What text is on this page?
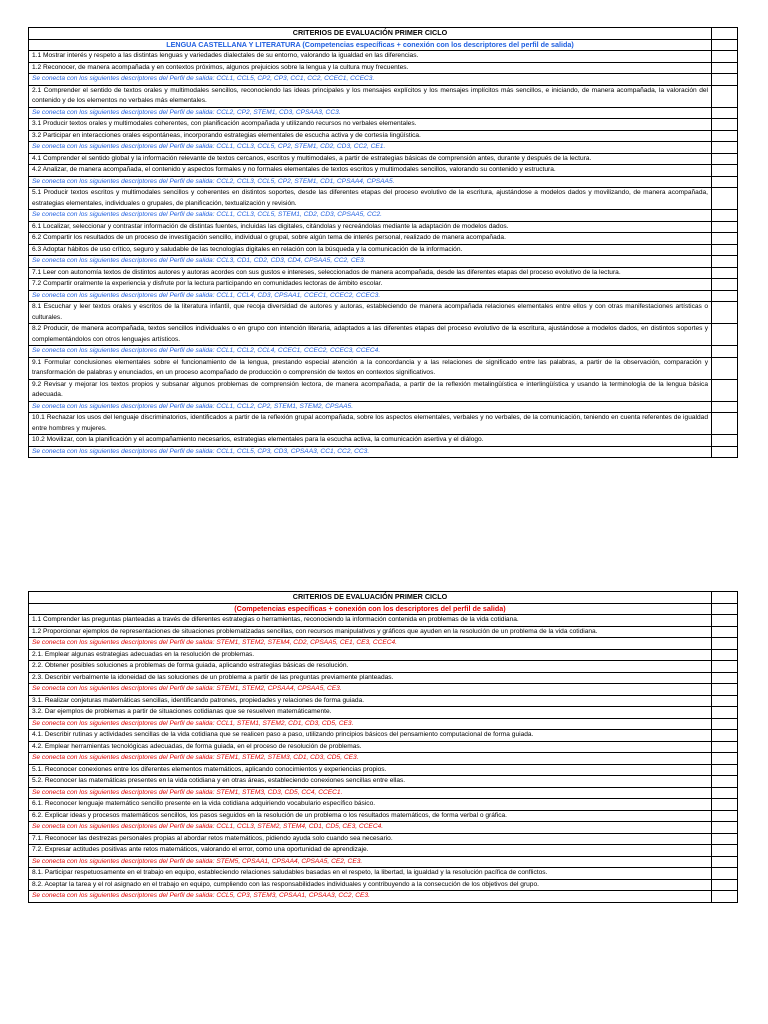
CRITERIOS DE EVALUACIÓN PRIMER CICLO	
LENGUA CASTELLANA Y LITERATURA (Competencias específicas + conexión con los descriptores del perfil de salida)	
1.1 Mostrar interés y respeto a las distintas lenguas y variedades dialectales de su entorno, valorando la igualdad en las diferencias.	
1.2 Reconocer, de manera acompañada y en contextos próximos, algunos prejuicios sobre la lengua y la cultura muy frecuentes.	
Se conecta con los siguientes descriptores del Perfil de salida: CCL1, CCL5, CP2, CP3, CC1, CC2, CCEC1, CCEC3.	
2.1 Comprender el sentido de textos orales y multimodales sencillos, reconociendo las ideas principales y los mensajes explícitos y los mensajes implícitos más sencillos, e iniciando, de manera acompañada, la valoración del contenido y de los elementos no verbales más elementales.	
Se conecta con los siguientes descriptores del Perfil de salida: CCL2, CP2, STEM1, CD3, CPSAA3, CC3.	
3.1 Producir textos orales y multimodales coherentes, con planificación acompañada y utilizando recursos no verbales elementales.	
3.2 Participar en interacciones orales espontáneas, incorporando estrategias elementales de escucha activa y de cortesía lingüística.	
Se conecta con los siguientes descriptores del Perfil de salida: CCL1, CCL3, CCL5, CP2, STEM1, CD2, CD3, CC2, CE1.	
4.1 Comprender el sentido global y la información relevante de textos cercanos, escritos y multimodales, a partir de estrategias básicas de comprensión antes, durante y después de la lectura.	
4.2 Analizar, de manera acompañada, el contenido y aspectos formales y no formales elementales de textos escritos y multimodales sencillos, valorando su contenido y estructura.	
Se conecta con los siguientes descriptores del Perfil de salida: CCL2, CCL3, CCL5, CP2, STEM1, CD1, CPSAA4, CPSAA5.	
5.1 Producir textos escritos y multimodales sencillos y coherentes en distintos soportes, desde las diferentes etapas del proceso evolutivo de la escritura, ajustándose a modelos dados y movilizando, de manera acompañada, estrategias elementales, individuales o grupales, de planificación, textualización y revisión.	
Se conecta con los siguientes descriptores del Perfil de salida: CCL1, CCL3, CCL5, STEM1, CD2, CD3, CPSAA5, CC2.	
6.1 Localizar, seleccionar y contrastar información de distintas fuentes, incluidas las digitales, citándolas y recreándolas mediante la adaptación de modelos dados.	
6.2 Compartir los resultados de un proceso de investigación sencillo, individual o grupal, sobre algún tema de interés personal, realizado de manera acompañada.	
6.3 Adoptar hábitos de uso crítico, seguro y saludable de las tecnologías digitales en relación con la búsqueda y la comunicación de la información.	
Se conecta con los siguientes descriptores del Perfil de salida: CCL3, CD1, CD2, CD3, CD4, CPSAA5, CC2, CE3.	
7.1 Leer con autonomía textos de distintos autores y autoras acordes con sus gustos e intereses, seleccionados de manera acompañada, desde las diferentes etapas del proceso evolutivo de la lectura.	
7.2 Compartir oralmente la experiencia y disfrute por la lectura participando en comunidades lectoras de ámbito escolar.	
Se conecta con los siguientes descriptores del Perfil de salida: CCL1, CCL4, CD3, CPSAA1, CCEC1, CCEC2, CCEC3.	
8.1 Escuchar y leer textos orales y escritos de la literatura infantil, que recoja diversidad de autores y autoras, estableciendo de manera acompañada relaciones elementales entre ellos y con otras manifestaciones artísticas o culturales.	
8.2 Producir, de manera acompañada, textos sencillos individuales o en grupo con intención literaria, adaptados a las diferentes etapas del proceso evolutivo de la escritura, ajustándose a modelos dados, en distintos soportes y complementándolos con otros lenguajes artísticos.	
Se conecta con los siguientes descriptores del Perfil de salida: CCL1, CCL2, CCL4, CCEC1, CCEC2, CCEC3, CCEC4.	
9.1 Formular conclusiones elementales sobre el funcionamiento de la lengua, prestando especial atención a la concordancia y a las relaciones de significado entre las palabras, a partir de la observación, comparación y transformación de palabras y enunciados, en un proceso acompañado de producción o comprensión de textos en contextos significativos.	
9.2 Revisar y mejorar los textos propios y subsanar algunos problemas de comprensión lectora, de manera acompañada, a partir de la reflexión metalingüística e interlingüística y usando la terminología de la lengua básica adecuada.	
Se conecta con los siguientes descriptores del Perfil de salida: CCL1, CCL2, CP2, STEM1, STEM2, CPSAA5.	
10.1 Rechazar los usos del lenguaje discriminatorios, identificados a partir de la reflexión grupal acompañada, sobre los aspectos elementales, verbales y no verbales, de la comunicación, teniendo en cuenta referentes de igualdad entre hombres y mujeres.	
10.2 Movilizar, con la planificación y el acompañamiento necesarios, estrategias elementales para la escucha activa, la comunicación asertiva y el diálogo.	
Se conecta con los siguientes descriptores del Perfil de salida: CCL1, CCL5, CP3, CD3, CPSAA3, CC1, CC2, CC3.	
CRITERIOS DE EVALUACIÓN PRIMER CICLO	
(Competencias específicas + conexión con los descriptores del perfil de salida)	
1.1 Comprender las preguntas planteadas a través de diferentes estrategias o herramientas, reconociendo la información contenida en problemas de la vida cotidiana.	
1.2 Proporcionar ejemplos de representaciones de situaciones problematizadas sencillas, con recursos manipulativos y gráficos que ayuden en la resolución de un problema de la vida cotidiana.	
Se conecta con los siguientes descriptores del Perfil de salida: STEM1, STEM2, STEM4, CD2, CPSAA5, CE1, CE3, CCEC4.	
2.1. Emplear algunas estrategias adecuadas en la resolución de problemas.	
2.2. Obtener posibles soluciones a problemas de forma guiada, aplicando estrategias básicas de resolución.	
2.3. Describir verbalmente la idoneidad de las soluciones de un problema a partir de las preguntas previamente planteadas.	
Se conecta con los siguientes descriptores del Perfil de salida: STEM1, STEM2, CPSAA4, CPSAA5, CE3.	
3.1. Realizar conjeturas matemáticas sencillas, identificando patrones, propiedades y relaciones de forma guiada.	
3.2. Dar ejemplos de problemas a partir de situaciones cotidianas que se resuelven matemáticamente.	
Se conecta con los siguientes descriptores del Perfil de salida: CCL1, STEM1, STEM2, CD1, CD3, CD5, CE3.	
4.1. Describir rutinas y actividades sencillas de la vida cotidiana que se realicen paso a paso, utilizando principios básicos del pensamiento computacional de forma guiada.	
4.2. Emplear herramientas tecnológicas adecuadas, de forma guiada, en el proceso de resolución de problemas.	
Se conecta con los siguientes descriptores del Perfil de salida: STEM1, STEM2, STEM3, CD1, CD3, CD5, CE3.	
5.1. Reconocer conexiones entre los diferentes elementos matemáticos, aplicando conocimientos y experiencias propios.	
5.2. Reconocer las matemáticas presentes en la vida cotidiana y en otras áreas, estableciendo conexiones sencillas entre ellas.	
Se conecta con los siguientes descriptores del Perfil de salida: STEM1, STEM3, CD3, CD5, CC4, CCEC1.	
6.1. Reconocer lenguaje matemático sencillo presente en la vida cotidiana adquiriendo vocabulario específico básico.	
6.2. Explicar ideas y procesos matemáticos sencillos, los pasos seguidos en la resolución de un problema o los resultados matemáticos, de forma verbal o gráfica.	
Se conecta con los siguientes descriptores del Perfil de salida: CCL1, CCL3, STEM2, STEM4, CD1, CD5, CE3, CCEC4.	
7.1. Reconocer las destrezas personales propias al abordar retos matemáticos, pidiendo ayuda solo cuando sea necesario.	
7.2. Expresar actitudes positivas ante retos matemáticos, valorando el error, como una oportunidad de aprendizaje.	
Se conecta con los siguientes descriptores del Perfil de salida: STEM5, CPSAA1, CPSAA4, CPSAA5, CE2, CE3.	
8.1. Participar respetuosamente en el trabajo en equipo, estableciendo relaciones saludables basadas en el respeto, la libertad, la igualdad y la resolución pacífica de conflictos.	
8.2. Aceptar la tarea y el rol asignado en el trabajo en equipo, cumpliendo con las responsabilidades individuales y contribuyendo a la consecución de los objetivos del grupo.	
Se conecta con los siguientes descriptores del Perfil de salida: CCL5, CP3, STEM3, CPSAA1, CPSAA3, CC2, CE3.	
